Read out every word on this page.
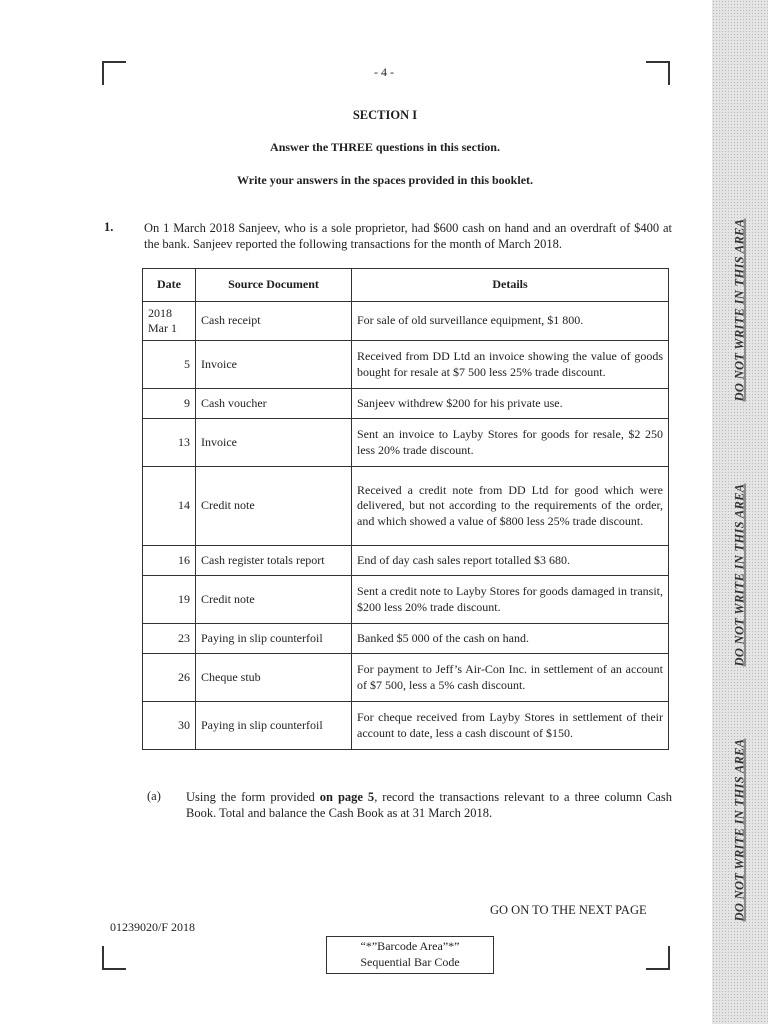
DO NOT WRITE IN THIS AREA
DO NOT WRITE IN THIS AREA
DO NOT WRITE IN THIS AREA
- 4 -
SECTION I
Answer the THREE questions in this section.
Write your answers in the spaces provided in this booklet.
1. On 1 March 2018 Sanjeev, who is a sole proprietor, had $600 cash on hand and an overdraft of $400 at the bank. Sanjeev reported the following transactions for the month of March 2018.
Date	Source Document	Details
2018
Mar 1	Cash receipt	For sale of old surveillance equipment, $1 800.
5	Invoice	Received from DD Ltd an invoice showing the value of goods bought for resale at $7 500 less 25% trade discount.
9	Cash voucher	Sanjeev withdrew $200 for his private use.
13	Invoice	Sent an invoice to Layby Stores for goods for resale, $2 250 less 20% trade discount.
14	Credit note	Received a credit note from DD Ltd for good which were delivered, but not according to the requirements of the order, and which showed a value of $800 less 25% trade discount.
16	Cash register totals report	End of day cash sales report totalled $3 680.
19	Credit note	Sent a credit note to Layby Stores for goods damaged in transit, $200 less 20% trade discount.
23	Paying in slip counterfoil	Banked $5 000 of the cash on hand.
26	Cheque stub	For payment to Jeff’s Air-Con Inc. in settlement of an account of $7 500, less a 5% cash discount.
30	Paying in slip counterfoil	For cheque received from Layby Stores in settlement of their account to date, less a cash discount of $150.
(a) Using the form provided on page 5, record the transactions relevant to a three column Cash Book. Total and balance the Cash Book as at 31 March 2018.
GO ON TO THE NEXT PAGE
01239020/F 2018
“*”Barcode Area”*”
Sequential Bar Code
